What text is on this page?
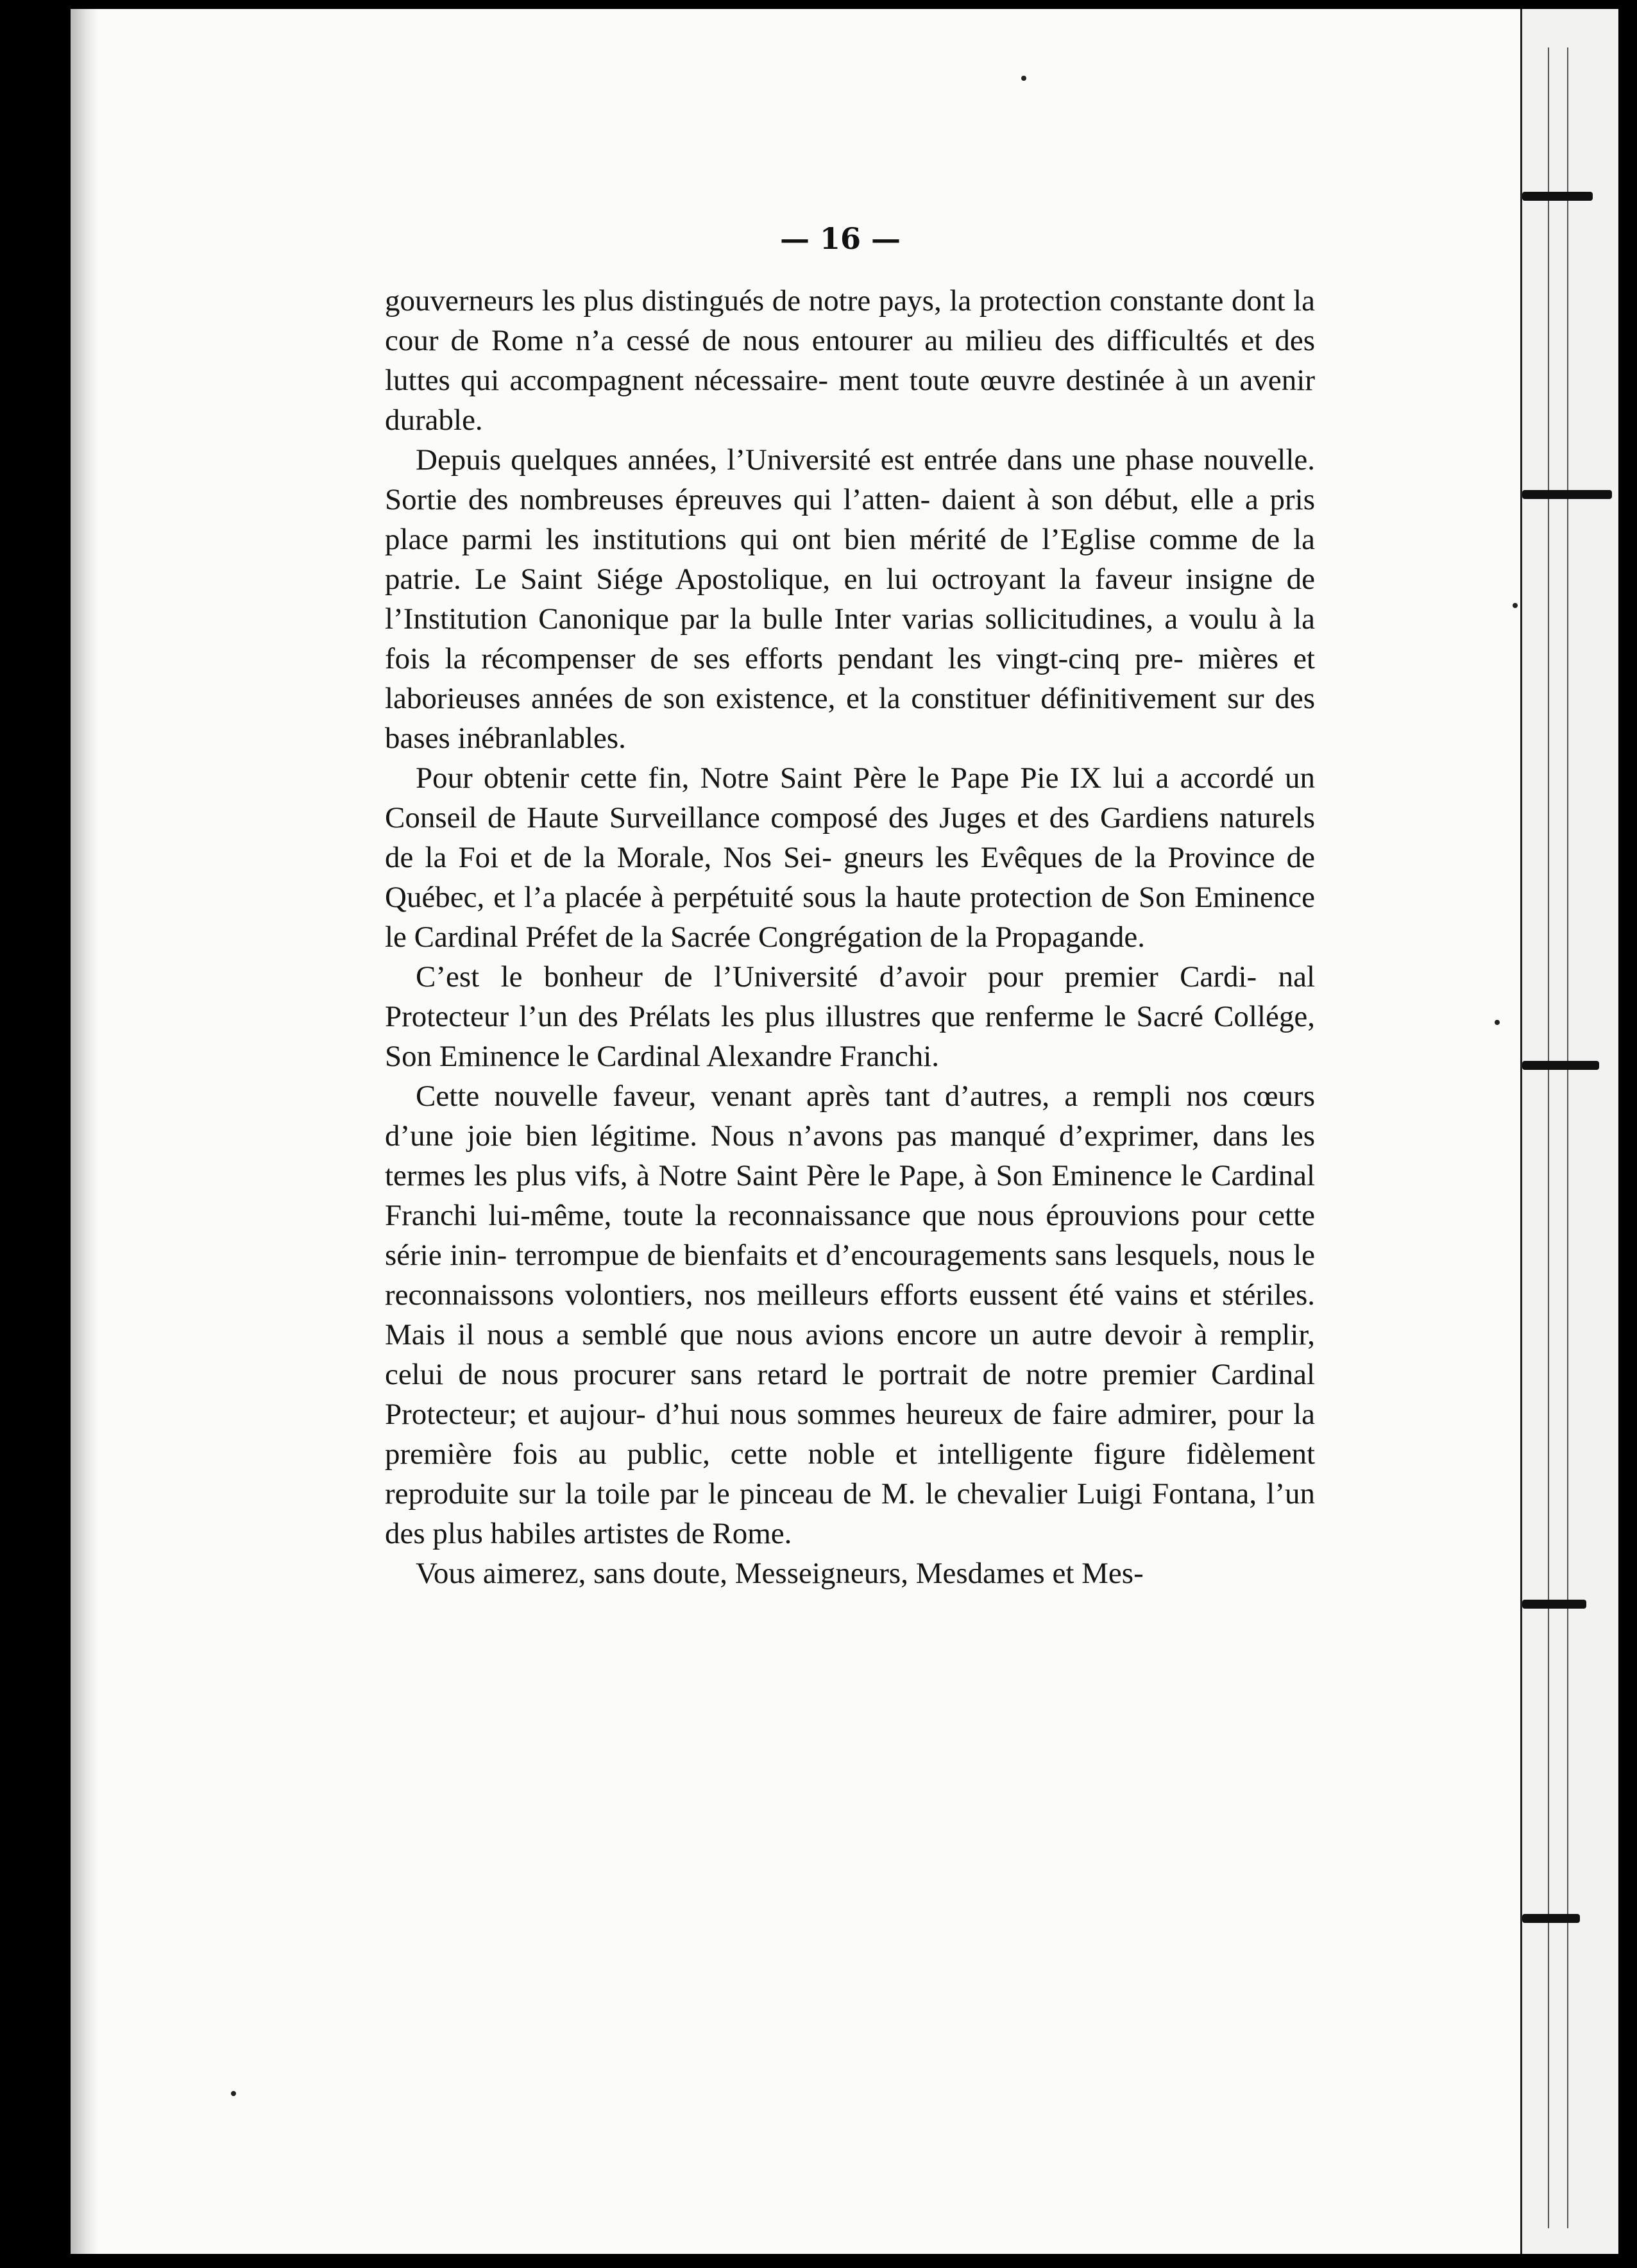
— 16 —

gouverneurs les plus distingués de notre pays, la protection constante dont la cour de Rome n’a cessé de nous entourer au milieu des difficultés et des luttes qui accompagnent nécessaire- ment toute œuvre destinée à un avenir durable.

Depuis quelques années, l’Université est entrée dans une phase nouvelle. Sortie des nombreuses épreuves qui l’atten- daient à son début, elle a pris place parmi les institutions qui ont bien mérité de l’Eglise comme de la patrie. Le Saint Siége Apostolique, en lui octroyant la faveur insigne de l’Institution Canonique par la bulle Inter varias sollicitudines, a voulu à la fois la récompenser de ses efforts pendant les vingt-cinq pre- mières et laborieuses années de son existence, et la constituer définitivement sur des bases inébranlables.

Pour obtenir cette fin, Notre Saint Père le Pape Pie IX lui a accordé un Conseil de Haute Surveillance composé des Juges et des Gardiens naturels de la Foi et de la Morale, Nos Sei- gneurs les Evêques de la Province de Québec, et l’a placée à perpétuité sous la haute protection de Son Eminence le Cardinal Préfet de la Sacrée Congrégation de la Propagande.

C’est le bonheur de l’Université d’avoir pour premier Cardi- nal Protecteur l’un des Prélats les plus illustres que renferme le Sacré Collége, Son Eminence le Cardinal Alexandre Franchi.

Cette nouvelle faveur, venant après tant d’autres, a rempli nos cœurs d’une joie bien légitime. Nous n’avons pas manqué d’exprimer, dans les termes les plus vifs, à Notre Saint Père le Pape, à Son Eminence le Cardinal Franchi lui-même, toute la reconnaissance que nous éprouvions pour cette série inin- terrompue de bienfaits et d’encouragements sans lesquels, nous le reconnaissons volontiers, nos meilleurs efforts eussent été vains et stériles. Mais il nous a semblé que nous avions encore un autre devoir à remplir, celui de nous procurer sans retard le portrait de notre premier Cardinal Protecteur; et aujour- d’hui nous sommes heureux de faire admirer, pour la première fois au public, cette noble et intelligente figure fidèlement reproduite sur la toile par le pinceau de M. le chevalier Luigi Fontana, l’un des plus habiles artistes de Rome.

Vous aimerez, sans doute, Messeigneurs, Mesdames et Mes-
